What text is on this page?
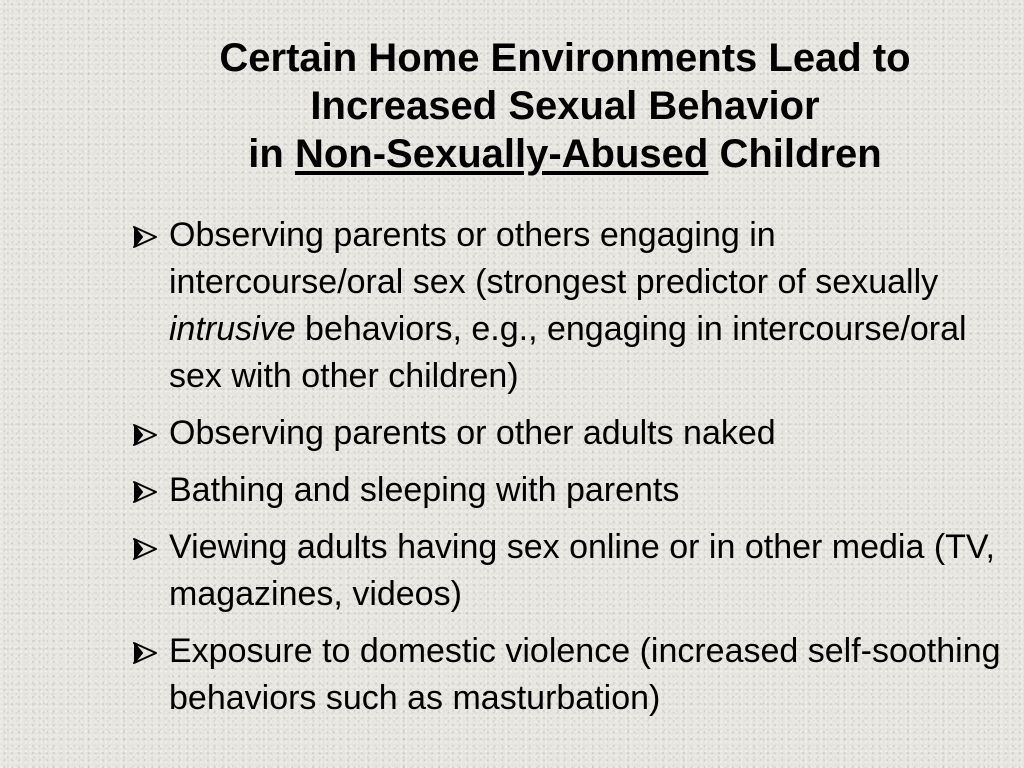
Certain Home Environments Lead to
Increased Sexual Behavior
in Non-Sexually-Abused Children
Observing parents or others engaging in intercourse/oral sex (strongest predictor of sexually intrusive behaviors, e.g., engaging in intercourse/oral sex with other children)
Observing parents or other adults naked
Bathing and sleeping with parents
Viewing adults having sex online or in other media (TV, magazines, videos)
Exposure to domestic violence (increased self-soothing behaviors such as masturbation)
